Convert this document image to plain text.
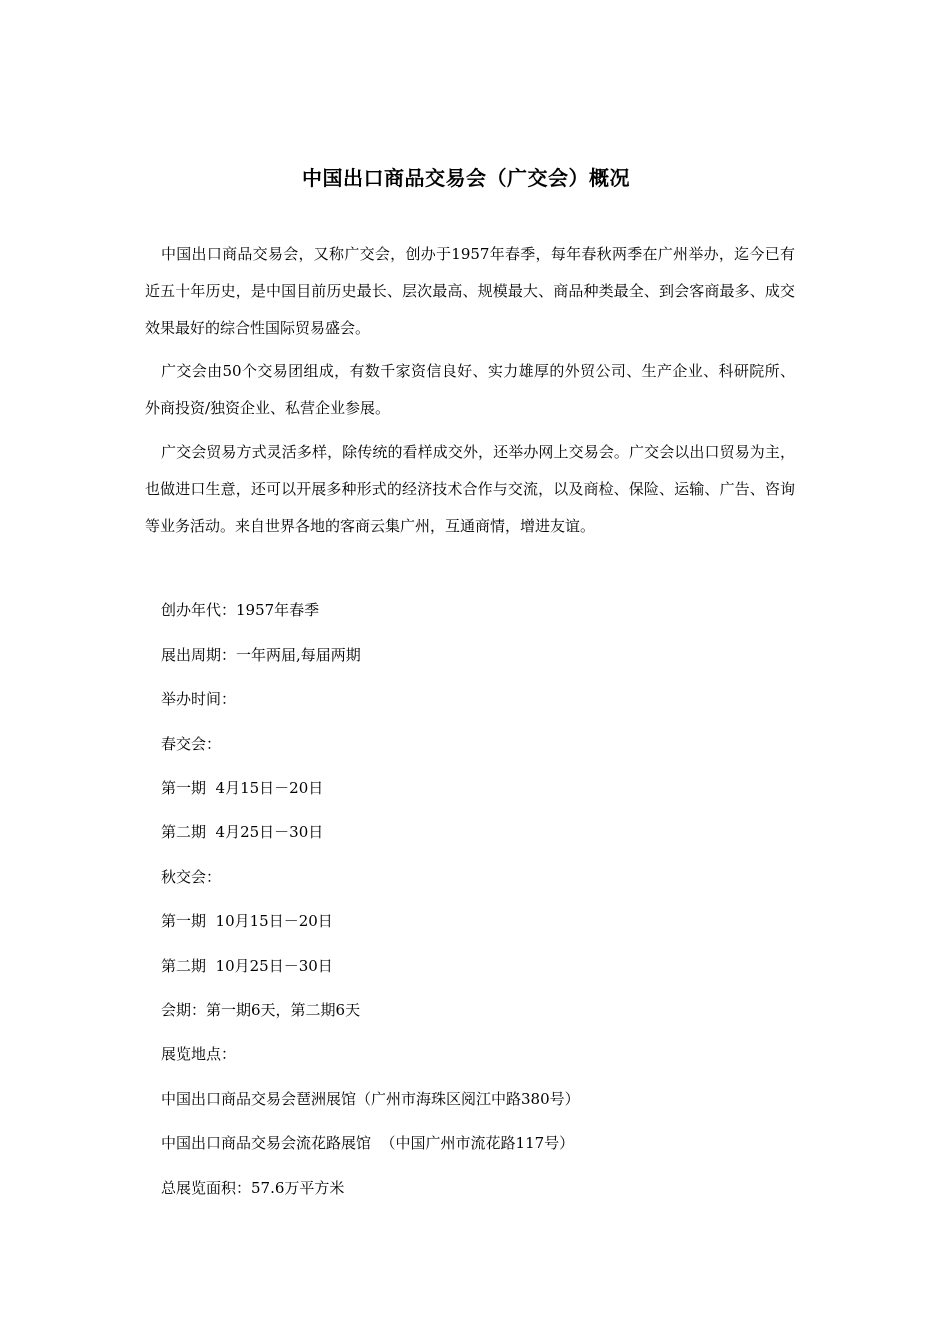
中国出口商品交易会（广交会）概况
中国出口商品交易会，又称广交会，创办于1957年春季，每年春秋两季在广州举办，迄今已有近五十年历史，是中国目前历史最长、层次最高、规模最大、商品种类最全、到会客商最多、成交效果最好的综合性国际贸易盛会。
广交会由50个交易团组成，有数千家资信良好、实力雄厚的外贸公司、生产企业、科研院所、外商投资/独资企业、私营企业参展。
广交会贸易方式灵活多样，除传统的看样成交外，还举办网上交易会。广交会以出口贸易为主，也做进口生意，还可以开展多种形式的经济技术合作与交流，以及商检、保险、运输、广告、咨询等业务活动。来自世界各地的客商云集广州，互通商情，增进友谊。
创办年代：1957年春季
展出周期：一年两届,每届两期
举办时间：
春交会：
第一期  4月15日－20日
第二期  4月25日－30日
秋交会：
第一期  10月15日－20日
第二期  10月25日－30日
会期：第一期6天，第二期6天
展览地点：
中国出口商品交易会琶洲展馆（广州市海珠区阅江中路380号）
中国出口商品交易会流花路展馆  （中国广州市流花路117号）
总展览面积：57.6万平方米
